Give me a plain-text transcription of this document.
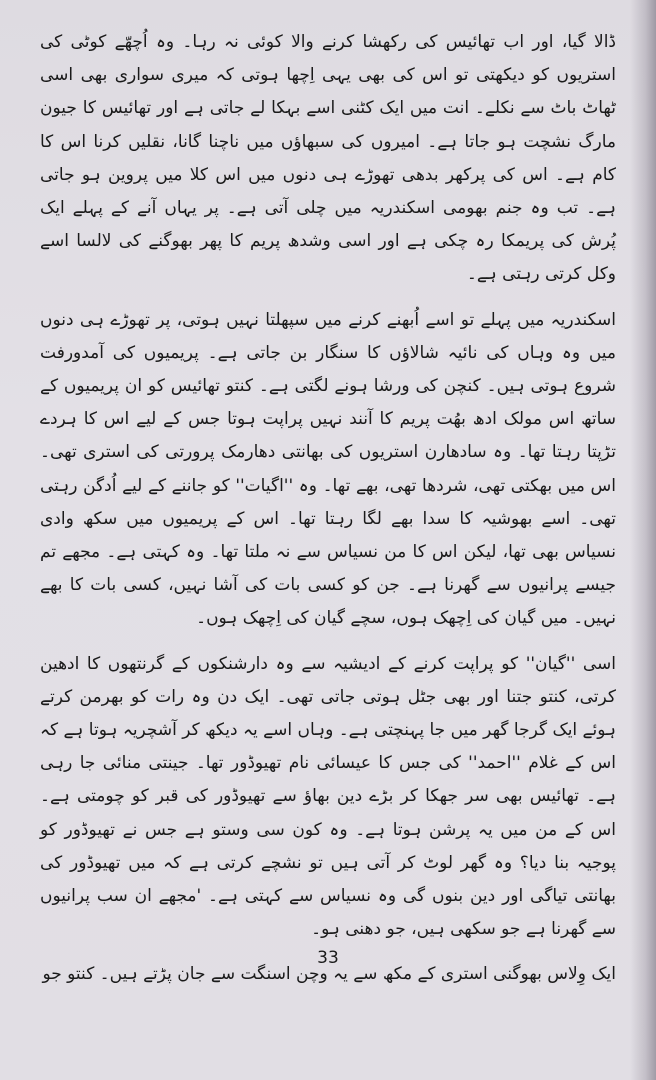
ڈالا گیا، اور اب تھائیس کی رکھشا کرنے والا کوئی نہ رہا۔ وہ اُچھّے کوٹی کی استریوں کو دیکھتی تو اس کی بھی یہی اِچھا ہوتی کہ میری سواری بھی اسی ٹھاٹ باٹ سے نکلے۔ انت میں ایک کٹنی اسے بہکا لے جاتی ہے اور تھائیس کا جیون مارگ نشچت ہو جاتا ہے۔ امیروں کی سبھاؤں میں ناچنا گانا، نقلیں کرنا اس کا کام ہے۔ اس کی پرکھر بدھی تھوڑے ہی دنوں میں اس کلا میں پروین ہو جاتی ہے۔ تب وہ جنم بھومی اسکندریہ میں چلی آتی ہے۔ پر یہاں آنے کے پہلے ایک پُرش کی پریمکا رہ چکی ہے اور اسی وشدھ پریم کا پھر بھوگنے کی لالسا اسے وکل کرتی رہتی ہے۔

اسکندریہ میں پہلے تو اسے اُبھنے کرنے میں سپھلتا نہیں ہوتی، پر تھوڑے ہی دنوں میں وہ وہاں کی نائیہ شالاؤں کا سنگار بن جاتی ہے۔ پریمیوں کی آمدورفت شروع ہوتی ہیں۔ کنچن کی ورشا ہونے لگتی ہے۔ کنتو تھائیس کو ان پریمیوں کے ساتھ اس مولک ادھ بھُت پریم کا آنند نہیں پراپت ہوتا جس کے لیے اس کا ہردے تڑپتا رہتا تھا۔ وہ سادھارن استریوں کی بھانتی دھارمک پرورتی کی استری تھی۔ اس میں بھکتی تھی، شردھا تھی، بھے تھا۔ وہ ''اگیات'' کو جاننے کے لیے اُدگن رہتی تھی۔ اسے بھوشیہ کا سدا بھے لگا رہتا تھا۔ اس کے پریمیوں میں سکھ وادی نسیاس بھی تھا، لیکن اس کا من نسیاس سے نہ ملتا تھا۔ وہ کہتی ہے۔ مجھے تم جیسے پرانیوں سے گھرنا ہے۔ جن کو کسی بات کی آشا نہیں، کسی بات کا بھے نہیں۔ میں گیان کی اِچھک ہوں، سچے گیان کی اِچھک ہوں۔

اسی ''گیان'' کو پراپت کرنے کے ادیشیہ سے وہ دارشنکوں کے گرنتھوں کا ادھین کرتی، کنتو جتنا اور بھی جٹل ہوتی جاتی تھی۔ ایک دن وہ رات کو بھرمن کرتے ہوئے ایک گرجا گھر میں جا پہنچتی ہے۔ وہاں اسے یہ دیکھ کر آشچریہ ہوتا ہے کہ اس کے غلام ''احمد'' کی جس کا عیسائی نام تھیوڈور تھا۔ جینتی منائی جا رہی ہے۔ تھائیس بھی سر جھکا کر بڑے دین بھاؤ سے تھیوڈور کی قبر کو چومتی ہے۔ اس کے من میں یہ پرشن ہوتا ہے۔ وہ کون سی وستو ہے جس نے تھیوڈور کو پوجیہ بنا دیا؟ وہ گھر لوٹ کر آتی ہیں تو نشچے کرتی ہے کہ میں تھیوڈور کی بھانتی تیاگی اور دین بنوں گی وہ نسیاس سے کہتی ہے۔ 'مجھے ان سب پرانیوں سے گھرنا ہے جو سکھی ہیں، جو دھنی ہو۔

ایک وِلاس بھوگنی استری کے مکھ سے یہ وچن اسنگت سے جان پڑتے ہیں۔ کنتو جو

33
